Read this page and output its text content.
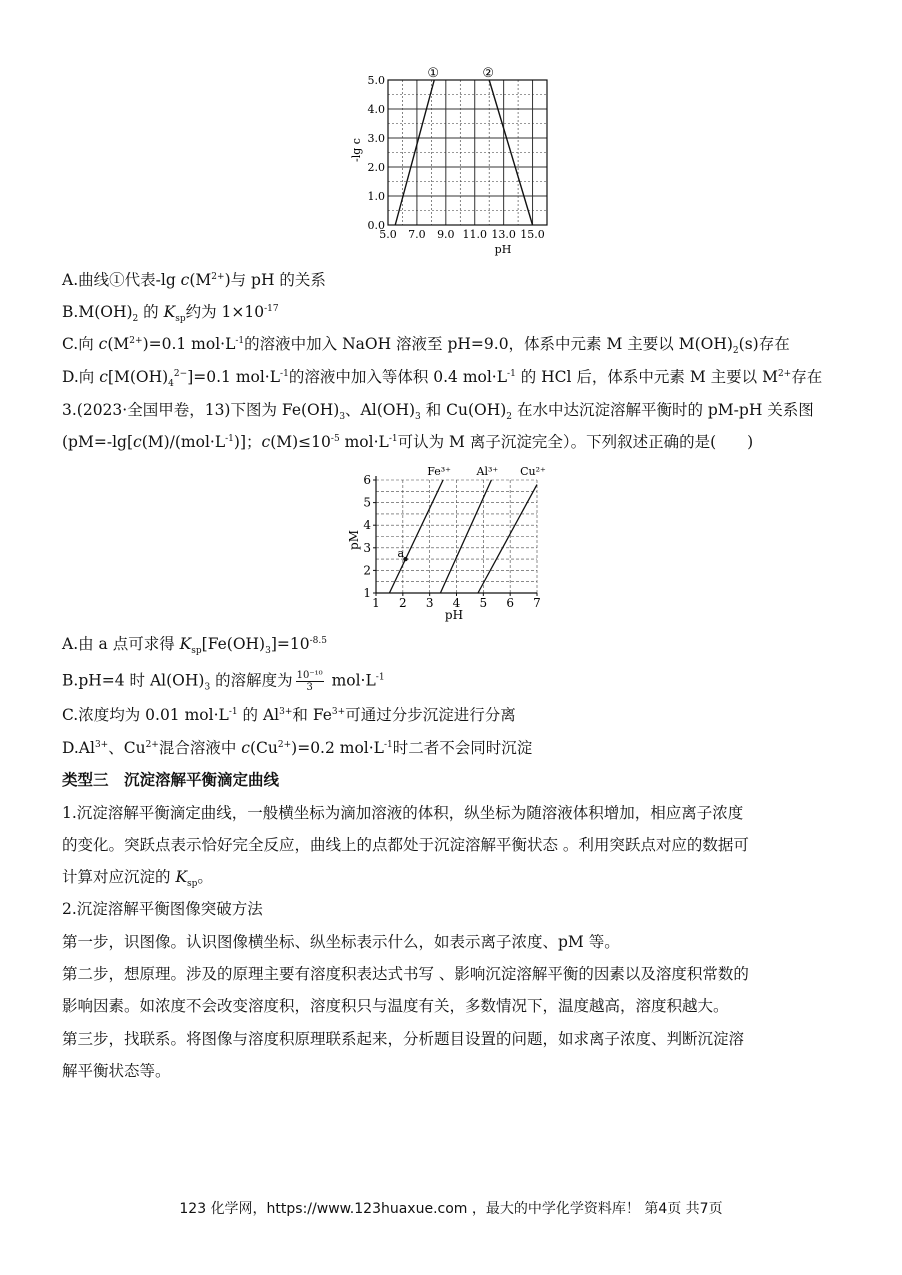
5.0 7.0 9.0 11.0 13.0 15.0
0.0
1.0
2.0
3.0
4.0
5.0	①	②
pH
-lg c
A.曲线①代表-lg $c(M^{2+})$与 pH 的关系
$B.M(OH)_2$ 的 $K_{sp}$约为 $1\times 10^{-17}$
C.向 $c(M^{2+})=0.1$ $mol\cdot L^{-1}$的溶液中加入 NaOH 溶液至 pH=9.0，体系中元素 M 主要以 $M(OH)_2(s)$存在
D.向 $c[M(OH)_4^{2-}]=0.1$ $mol\cdot L^{-1}$的溶液中加入等体积 0.4 $mol\cdot L^{-1}$ 的 HCl 后，体系中元素 M 主要以 $M^{2+}$存在
3.(2023·全国甲卷，13)下图为 $Fe(OH)_3$、$Al(OH)_3$ 和 $Cu(OH)_2$ 在水中达沉淀溶解平衡时的 pM-pH 关系图
($pM=-\lg[c(M)/(mol\cdot L^{-1})]$；$c(M)\le 10^{-5}$ $mol\cdot L^{-1}$可认为 M 离子沉淀完全）。下列叙述正确的是(　　)
Fe³⁺ Al³⁺ Cu²⁺
a
1 2 3 4 5 6 7
1
2
3
4
5
6
pH
pM
A.由 a 点可求得 $K_{sp}[Fe(OH)_3]=10^{-8.5}$
B.pH=4 时 $Al(OH)_3$ 的溶解度为 $\frac{\text{10⁻¹⁰}}{3} mol\cdot L^{-1}$
C.浓度均为 0.01 $mol\cdot L^{-1}$ 的 $Al^{3+}$和 $Fe^{3+}$可通过分步沉淀进行分离
$D.Al^{3+}$、$Cu^{2+}$混合溶液中 $c(Cu^{2+})=0.2$ $mol\cdot L^{-1}$时二者不会同时沉淀
类型三　沉淀溶解平衡滴定曲线
1.沉淀溶解平衡滴定曲线，一般横坐标为滴加溶液的体积，纵坐标为随溶液体积增加，相应离子浓度
的变化。突跃点表示恰好完全反应，曲线上的点都处于沉淀溶解平衡状态 。利用突跃点对应的数据可
计算对应沉淀的 $K_{sp}$。
2.沉淀溶解平衡图像突破方法
第一步，识图像。认识图像横坐标、纵坐标表示什么，如表示离子浓度、pM 等。
第二步，想原理。涉及的原理主要有溶度积表达式书写 、影响沉淀溶解平衡的因素以及溶度积常数的
影响因素。如浓度不会改变溶度积，溶度积只与温度有关，多数情况下，温度越高，溶度积越大。
第三步，找联系。将图像与溶度积原理联系起来，分析题目设置的问题，如求离子浓度、判断沉淀溶
解平衡状态等。
123 化学网，https://www.123huaxue.com ，最大的中学化学资料库！ 第4页 共7页
